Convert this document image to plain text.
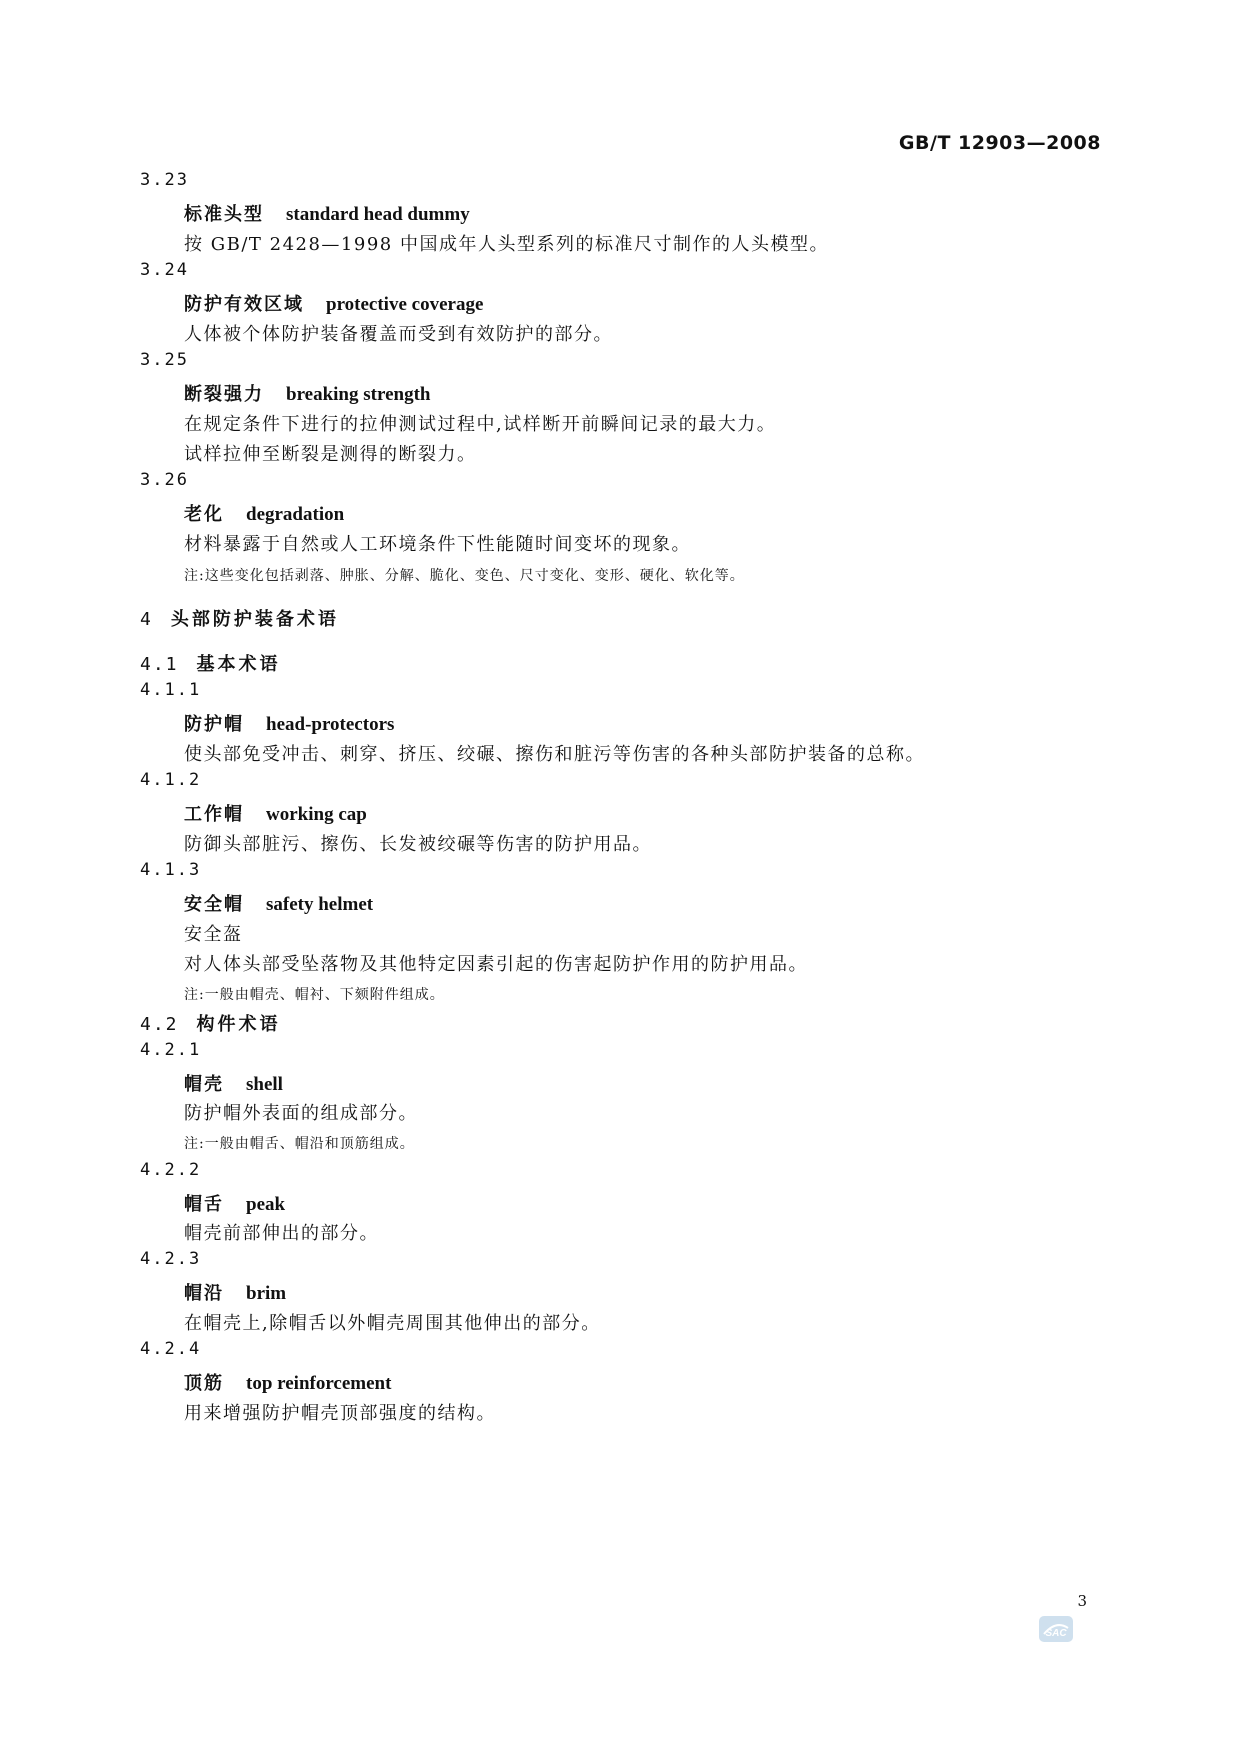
GB/T 12903—2008
3.23
标准头型 standard head dummy
按 GB/T 2428—1998 中国成年人头型系列的标准尺寸制作的人头模型。
3.24
防护有效区域 protective coverage
人体被个体防护装备覆盖而受到有效防护的部分。
3.25
断裂强力 breaking strength
在规定条件下进行的拉伸测试过程中,试样断开前瞬间记录的最大力。
试样拉伸至断裂是测得的断裂力。
3.26
老化 degradation
材料暴露于自然或人工环境条件下性能随时间变坏的现象。
注:这些变化包括剥落、肿胀、分解、脆化、变色、尺寸变化、变形、硬化、软化等。
4 头部防护装备术语
4.1 基本术语
4.1.1
防护帽 head-protectors
使头部免受冲击、刺穿、挤压、绞碾、擦伤和脏污等伤害的各种头部防护装备的总称。
4.1.2
工作帽 working cap
防御头部脏污、擦伤、长发被绞碾等伤害的防护用品。
4.1.3
安全帽 safety helmet
安全盔
对人体头部受坠落物及其他特定因素引起的伤害起防护作用的防护用品。
注:一般由帽壳、帽衬、下颏附件组成。
4.2 构件术语
4.2.1
帽壳 shell
防护帽外表面的组成部分。
注:一般由帽舌、帽沿和顶筋组成。
4.2.2
帽舌 peak
帽壳前部伸出的部分。
4.2.3
帽沿 brim
在帽壳上,除帽舌以外帽壳周围其他伸出的部分。
4.2.4
顶筋 top reinforcement
用来增强防护帽壳顶部强度的结构。
3
SAC
